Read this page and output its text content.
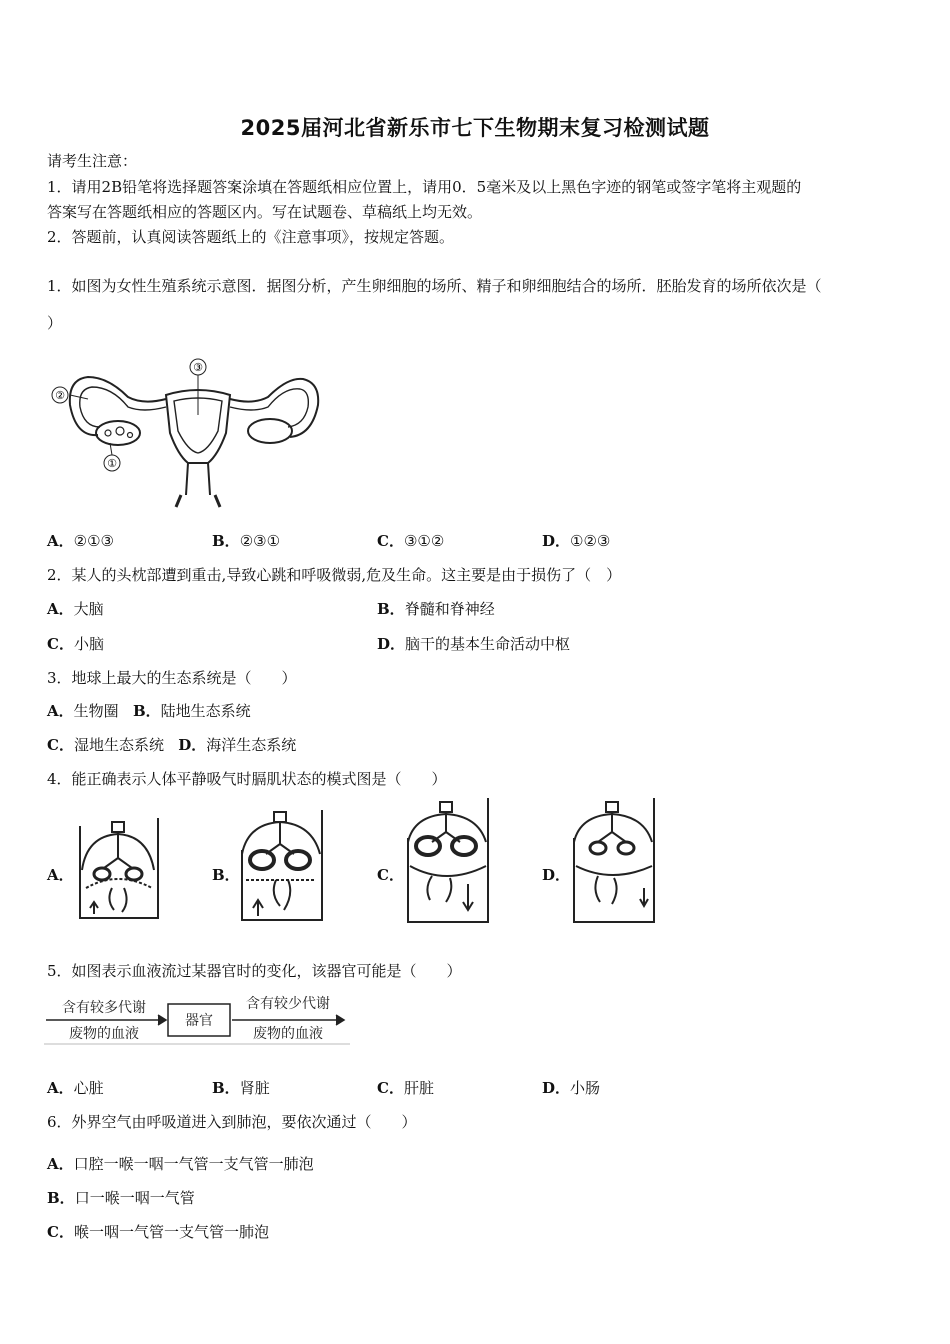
2025届河北省新乐市七下生物期末复习检测试题
请考生注意：
1．请用2B铅笔将选择题答案涂填在答题纸相应位置上，请用0．5毫米及以上黑色字迹的钢笔或签字笔将主观题的
答案写在答题纸相应的答题区内。写在试题卷、草稿纸上均无效。
2．答题前，认真阅读答题纸上的《注意事项》，按规定答题。
1．如图为女性生殖系统示意图．据图分析，产生卵细胞的场所、精子和卵细胞结合的场所．胚胎发育的场所依次是（
）
③
②
①
A．②①③	B．②③①	C．③①②	D．①②③
2．某人的头枕部遭到重击,导致心跳和呼吸微弱,危及生命。这主要是由于损伤了（　）
A．大脑	B．脊髓和脊神经
C．小脑	D．脑干的基本生命活动中枢
3．地球上最大的生态系统是（　　）
A．生物圈 B．陆地生态系统
C．湿地生态系统 D．海洋生态系统
4．能正确表示人体平静吸气时膈肌状态的模式图是（　　）
A．	B．	C．	D．
5．如图表示血液流过某器官时的变化，该器官可能是（　　）
含有较多代谢
废物的血液
器官
含有较少代谢
废物的血液
A．心脏	B．肾脏	C．肝脏	D．小肠
6．外界空气由呼吸道进入到肺泡，要依次通过（　　）
A．口腔一喉一咽一气管一支气管一肺泡
B．口一喉一咽一气管
C．喉一咽一气管一支气管一肺泡
